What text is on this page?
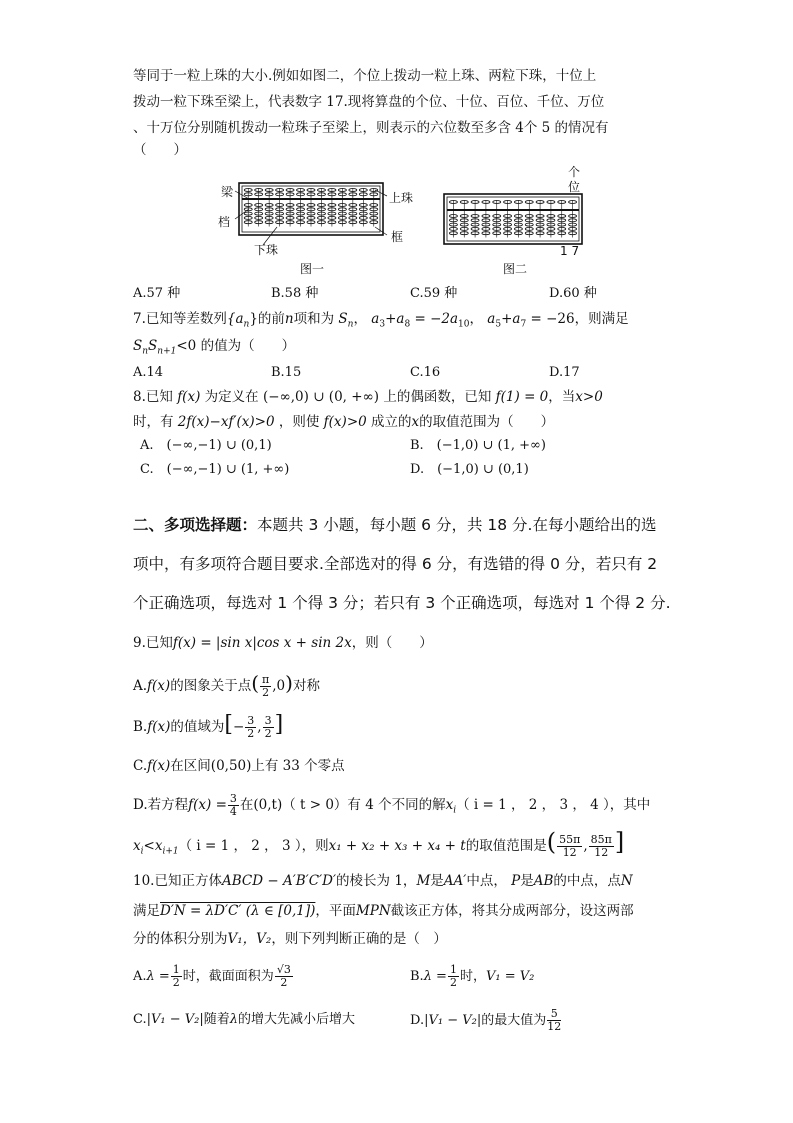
等同于一粒上珠的大小.例如如图二，个位上拨动一粒上珠、两粒下珠，十位上
拨动一粒下珠至梁上，代表数字 17.现将算盘的个位、十位、百位、千位、万位
、十万位分别随机拨动一粒珠子至梁上，则表示的六位数至多含 4个 5 的情况有
（　　）
梁
档
上珠
框
下珠
图一
个
位
1 7
图二
A.57 种	B.58 种	C.59 种	D.60 种
7.已知等差数列$\{a_n\}$的前n项和为 $S_n$， $a_3+a_8 = -2a_{10}$， $a_5+a_7 = -26$，则满足
$S_nS_{n+1}<0$ 的值为（　　）
A.14	B.15	C.16	D.17
8.已知 f(x) 为定义在 (−∞,0) ∪ (0, +∞) 上的偶函数，已知 f(1) = 0，当x>0
时，有 2f(x)−xf′(x)>0 ，则使 f(x)>0 成立的x的取值范围为（　　）
A.　(−∞,−1) ∪ (0,1)	B.　(−1,0) ∪ (1, +∞)
C.　(−∞,−1) ∪ (1, +∞)	D.　(−1,0) ∪ (0,1)
二、多项选择题：本题共 3 小题，每小题 6 分，共 18 分.在每小题给出的选
项中，有多项符合题目要求.全部选对的得 6 分，有选错的得 0 分，若只有 2
个正确选项，每选对 1 个得 3 分；若只有 3 个正确选项，每选对 1 个得 2 分.
9.已知f(x) = |sin x|cos x + sin 2x，则（　　）
A.f(x)的图象关于点( $\frac{\pi}{2} ,0$)对称
B.f(x)的值域为[− $\frac{3}{2}$ , $\frac{3}{2}$ ]
C.f(x)在区间(0,50)上有 33 个零点
D.若方程$f(x) = \frac{3}{4}$ 在(0,t)（ t > 0）有 4 个不同的解$x_i$（ i = 1 ， 2 ， 3 ， 4 ），其中
$x_i<x_{i+1}$（ i = 1 ， 2 ， 3 ），则x₁ + x₂ + x₃ + x₄ + t的取值范围是( $\frac{55\pi}{12}$ , $\frac{85\pi}{12}$ ]
10.已知正方体ABCD − A′B′C′D′的棱长为 1，M是AA′中点， P是AB的中点，点N
满足D′N = λD′C′ (λ ∈ [0,1])，平面MPN截该正方体，将其分成两部分，设这两部
分的体积分别为V₁，V₂，则下列判断正确的是（　）
$A.\lambda = \frac{1}{2}$ 时，截面面积为 $\frac{√3}{2}$	$B.\lambda = \frac{1}{2}$ 时，V₁ = V₂
C.|V₁ − V₂|随着λ的增大先减小后增大	D.|V₁ − V₂|的最大值为 $\frac{5}{12}$
